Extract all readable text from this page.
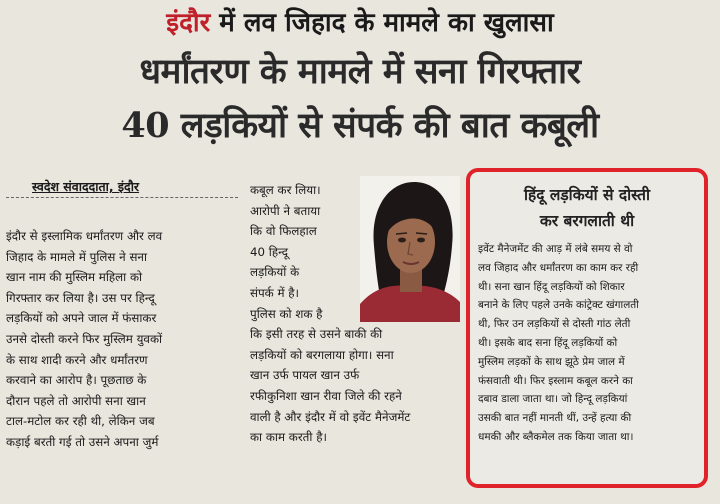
इंदौर में लव जिहाद के मामले का खुलासा
धर्मांतरण के मामले में सना गिरफ्तार
40 लड़कियों से संपर्क की बात कबूली
स्वदेश संवाददाता, इंदौर
इंदौर से इस्लामिक धर्मांतरण और लव
जिहाद के मामले में पुलिस ने सना
खान नाम की मुस्लिम महिला को
गिरफ्तार कर लिया है। उस पर हिन्दू
लड़कियों को अपने जाल में फंसाकर
उनसे दोस्ती करने फिर मुस्लिम युवकों
के साथ शादी करने और धर्मांतरण
करवाने का आरोप है। पूछताछ के
दौरान पहले तो आरोपी सना खान
टाल-मटोल कर रही थी, लेकिन जब
कड़ाई बरती गई तो उसने अपना जुर्म
कबूल कर लिया।
आरोपी ने बताया
कि वो फिलहाल
40 हिन्दू
लड़कियों के
संपर्क में है।
पुलिस को शक है
कि इसी तरह से उसने बाकी की
लड़कियों को बरगलाया होगा। सना
खान उर्फ पायल खान उर्फ
रफीकुनिशा खान रीवा जिले की रहने
वाली है और इंदौर में वो इवेंट मैनेजमेंट
का काम करती है।
हिंदू लड़कियों से दोस्ती
कर बरगलाती थी
इवेंट मैनेजमेंट की आड़ में लंबे समय से वो
लव जिहाद और धर्मांतरण का काम कर रही
थी। सना खान हिंदू लड़कियों को शिकार
बनाने के लिए पहले उनके कांट्रेक्ट खंगालती
थी, फिर उन लड़कियों से दोस्ती गांठ लेती
थी। इसके बाद सना हिंदू लड़कियों को
मुस्लिम लड़कों के साथ झूठे प्रेम जाल में
फंसवाती थी। फिर इस्लाम कबूल करने का
दबाव डाला जाता था। जो हिन्दू लड़कियां
उसकी बात नहीं मानती थीं, उन्हें हत्या की
धमकी और ब्लैकमेल तक किया जाता था।
